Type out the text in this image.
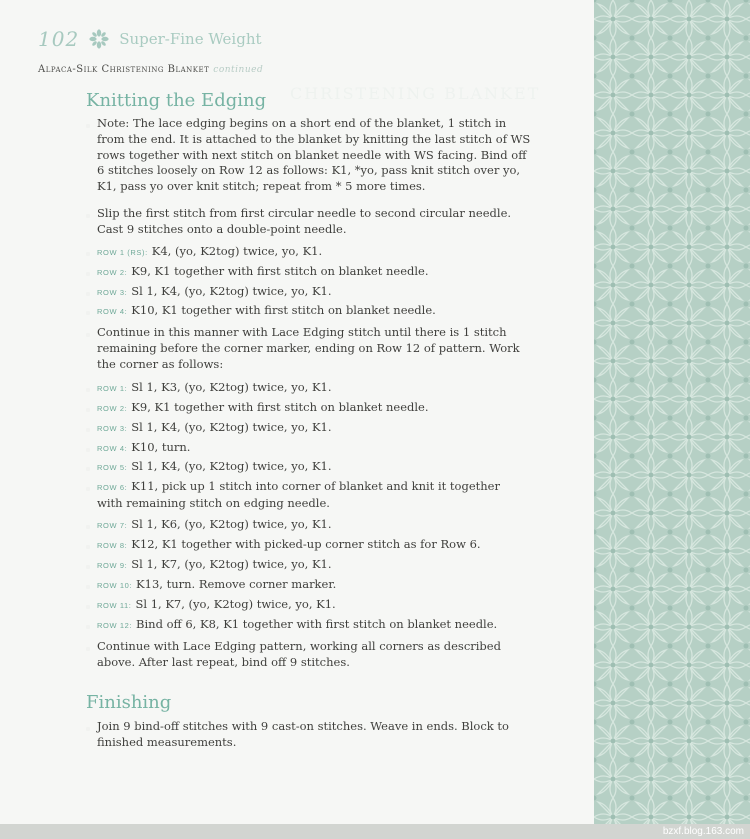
bzxf.blog.163.com
102	Super-Fine Weight
Alpaca-Silk Christening Blanket continued
CHRISTENING BLANKET
Knitting the Edging
Note: The lace edging begins on a short end of the blanket, 1 stitch in from the end. It is attached to the blanket by knitting the last stitch of WS rows together with next stitch on blanket needle with WS facing. Bind off 6 stitches loosely on Row 12 as follows: K1, *yo, pass knit stitch over yo, K1, pass yo over knit stitch; repeat from * 5 more times.
Slip the first stitch from first circular needle to second circular needle. Cast 9 stitches onto a double-point needle.
ROW 1 (RS): K4, (yo, K2tog) twice, yo, K1.
ROW 2: K9, K1 together with first stitch on blanket needle.
ROW 3: Sl 1, K4, (yo, K2tog) twice, yo, K1.
ROW 4: K10, K1 together with first stitch on blanket needle.
Continue in this manner with Lace Edging stitch until there is 1 stitch remaining before the corner marker, ending on Row 12 of pattern. Work the corner as follows:
ROW 1: Sl 1, K3, (yo, K2tog) twice, yo, K1.
ROW 2: K9, K1 together with first stitch on blanket needle.
ROW 3: Sl 1, K4, (yo, K2tog) twice, yo, K1.
ROW 4: K10, turn.
ROW 5: Sl 1, K4, (yo, K2tog) twice, yo, K1.
ROW 6: K11, pick up 1 stitch into corner of blanket and knit it together with remaining stitch on edging needle.
ROW 7: Sl 1, K6, (yo, K2tog) twice, yo, K1.
ROW 8: K12, K1 together with picked-up corner stitch as for Row 6.
ROW 9: Sl 1, K7, (yo, K2tog) twice, yo, K1.
ROW 10: K13, turn. Remove corner marker.
ROW 11: Sl 1, K7, (yo, K2tog) twice, yo, K1.
ROW 12: Bind off 6, K8, K1 together with first stitch on blanket needle.
Continue with Lace Edging pattern, working all corners as described above. After last repeat, bind off 9 stitches.
Finishing
Join 9 bind-off stitches with 9 cast-on stitches. Weave in ends. Block to finished measurements.
